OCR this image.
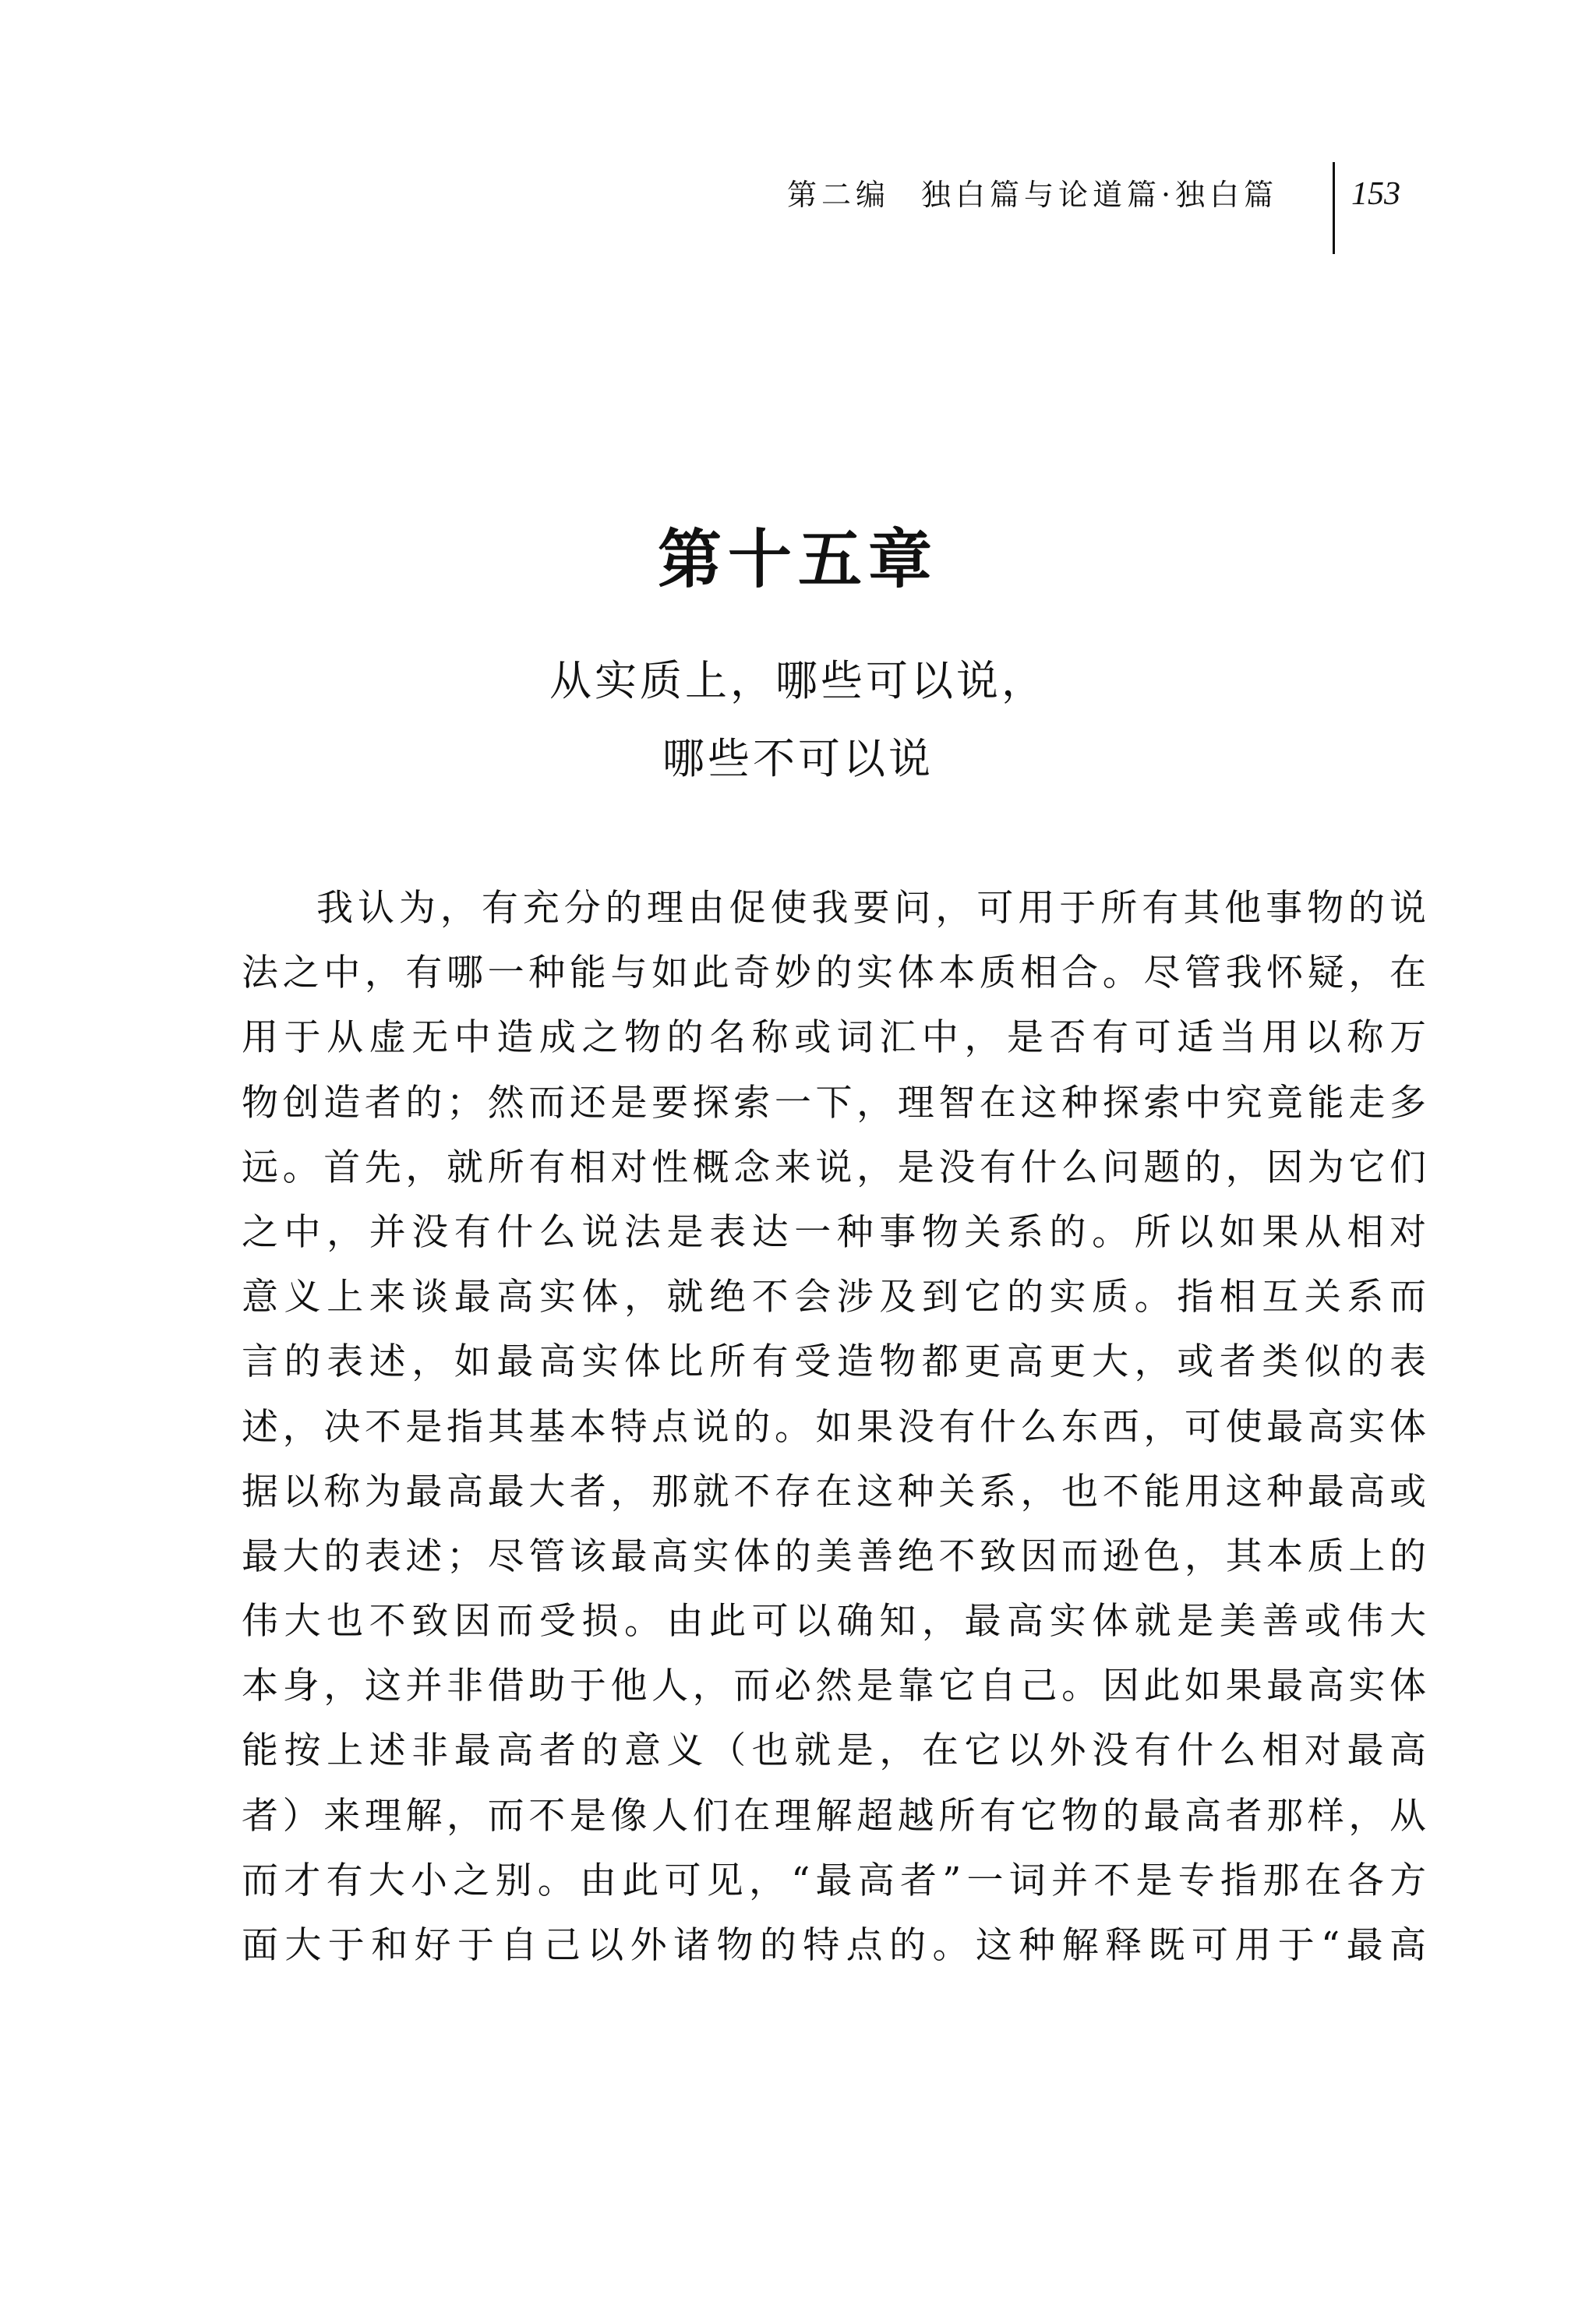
第二编 独白篇与论道篇·独白篇 153
第十五章
从实质上，哪些可以说，
哪些不可以说
我认为，有充分的理由促使我要问，可用于所有其他事物的说
法之中，有哪一种能与如此奇妙的实体本质相合。尽管我怀疑，在
用于从虚无中造成之物的名称或词汇中，是否有可适当用以称万
物创造者的；然而还是要探索一下，理智在这种探索中究竟能走多
远。首先，就所有相对性概念来说，是没有什么问题的，因为它们
之中，并没有什么说法是表达一种事物关系的。所以如果从相对
意义上来谈最高实体，就绝不会涉及到它的实质。指相互关系而
言的表述，如最高实体比所有受造物都更高更大，或者类似的表
述，决不是指其基本特点说的。如果没有什么东西，可使最高实体
据以称为最高最大者，那就不存在这种关系，也不能用这种最高或
最大的表述；尽管该最高实体的美善绝不致因而逊色，其本质上的
伟大也不致因而受损。由此可以确知，最高实体就是美善或伟大
本身，这并非借助于他人，而必然是靠它自己。因此如果最高实体
能按上述非最高者的意义（也就是，在它以外没有什么相对最高
者）来理解，而不是像人们在理解超越所有它物的最高者那样，从
而才有大小之别。由此可见，“最高者”一词并不是专指那在各方
面大于和好于自己以外诸物的特点的。这种解释既可用于“最高
